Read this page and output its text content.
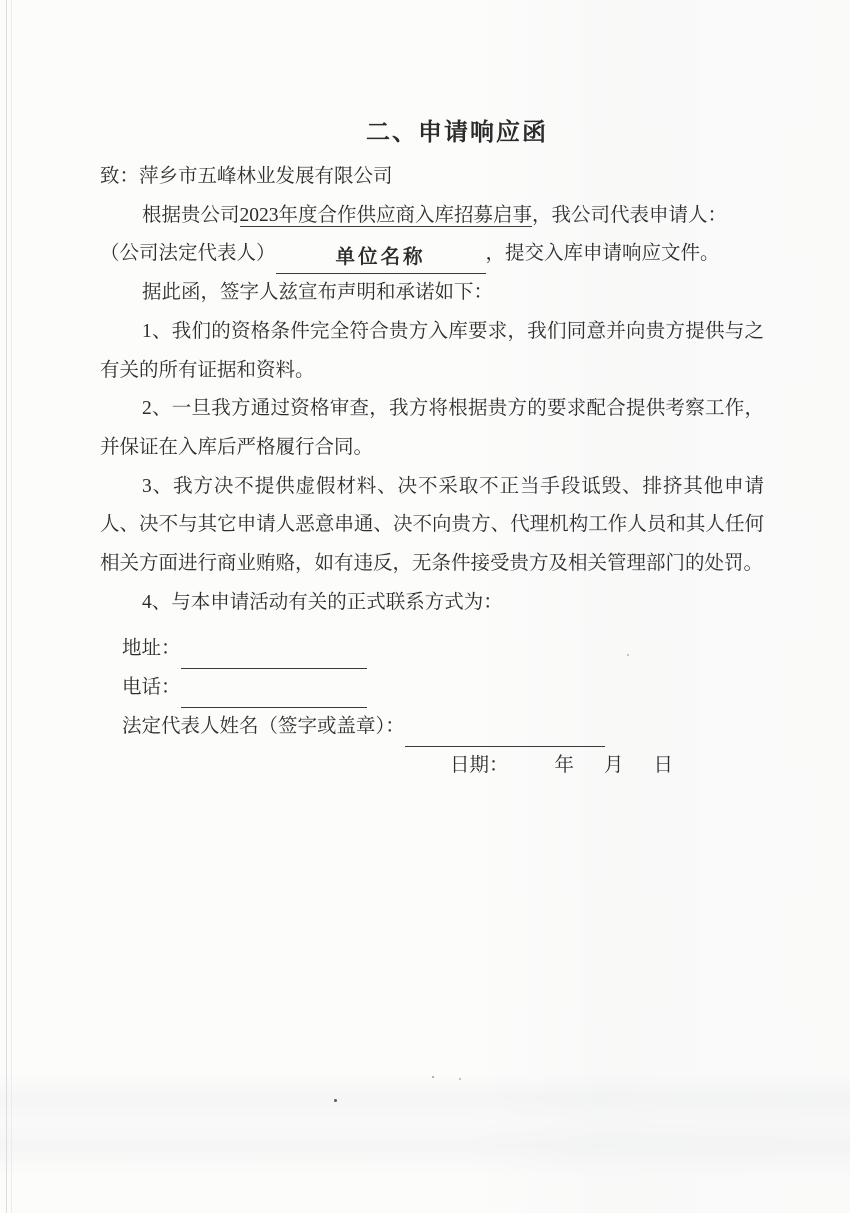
二、申请响应函

致：萍乡市五峰林业发展有限公司

根据贵公司2023年度合作供应商入库招募启事，我公司代表申请人：

（公司法定代表人）	单位名称	，提交入库申请响应文件。

据此函，签字人兹宣布声明和承诺如下：

1、我们的资格条件完全符合贵方入库要求，我们同意并向贵方提供与之有关的所有证据和资料。

2、一旦我方通过资格审查，我方将根据贵方的要求配合提供考察工作，并保证在入库后严格履行合同。

3、我方决不提供虚假材料、决不采取不正当手段诋毁、排挤其他申请人、决不与其它申请人恶意串通、决不向贵方、代理机构工作人员和其人任何相关方面进行商业贿赂，如有违反，无条件接受贵方及相关管理部门的处罚。

4、与本申请活动有关的正式联系方式为：

地址：

电话：

法定代表人姓名（签字或盖章）：

日期： 年 月 日
